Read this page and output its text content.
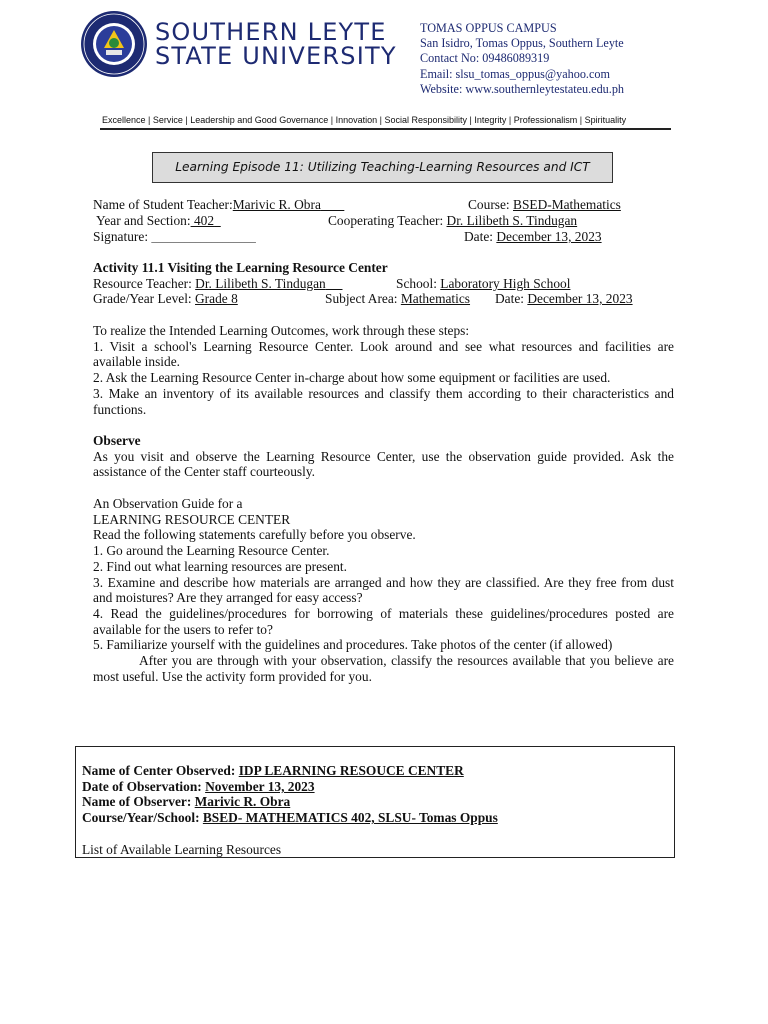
SOUTHERN LEYTE
STATE UNIVERSITY
TOMAS OPPUS CAMPUS
San Isidro, Tomas Oppus, Southern Leyte
Contact No: 09486089319
Email: slsu_tomas_oppus@yahoo.com
Website: www.southernleytestateu.edu.ph
Excellence | Service | Leadership and Good Governance | Innovation | Social Responsibility | Integrity | Professionalism | Spirituality
Learning Episode 11: Utilizing Teaching-Learning Resources and ICT
Name of Student Teacher:Marivic R. Obra	Course: BSED-Mathematics
Year and Section: 402	Cooperating Teacher: Dr. Lilibeth S. Tindugan
Signature: ___________________	Date: December 13, 2023
Activity 11.1 Visiting the Learning Resource Center
Resource Teacher: Dr. Lilibeth S. Tindugan	School: Laboratory High School
Grade/Year Level: Grade 8	Subject Area: Mathematics Date: December 13, 2023
To realize the Intended Learning Outcomes, work through these steps:
1. Visit a school's Learning Resource Center. Look around and see what resources and facilities are available inside.
2. Ask the Learning Resource Center in-charge about how some equipment or facilities are used.
3. Make an inventory of its available resources and classify them according to their characteristics and functions.
Observe
As you visit and observe the Learning Resource Center, use the observation guide provided. Ask the assistance of the Center staff courteously.
An Observation Guide for a
LEARNING RESOURCE CENTER
Read the following statements carefully before you observe.
1. Go around the Learning Resource Center.
2. Find out what learning resources are present.
3. Examine and describe how materials are arranged and how they are classified. Are they free from dust and moistures? Are they arranged for easy access?
4. Read the guidelines/procedures for borrowing of materials these guidelines/procedures posted are available for the users to refer to?
5. Familiarize yourself with the guidelines and procedures. Take photos of the center (if allowed)
After you are through with your observation, classify the resources available that you believe are most useful. Use the activity form provided for you.
Name of Center Observed: IDP LEARNING RESOUCE CENTER
Date of Observation: November 13, 2023
Name of Observer: Marivic R. Obra
Course/Year/School: BSED- MATHEMATICS 402, SLSU- Tomas Oppus
List of Available Learning Resources
